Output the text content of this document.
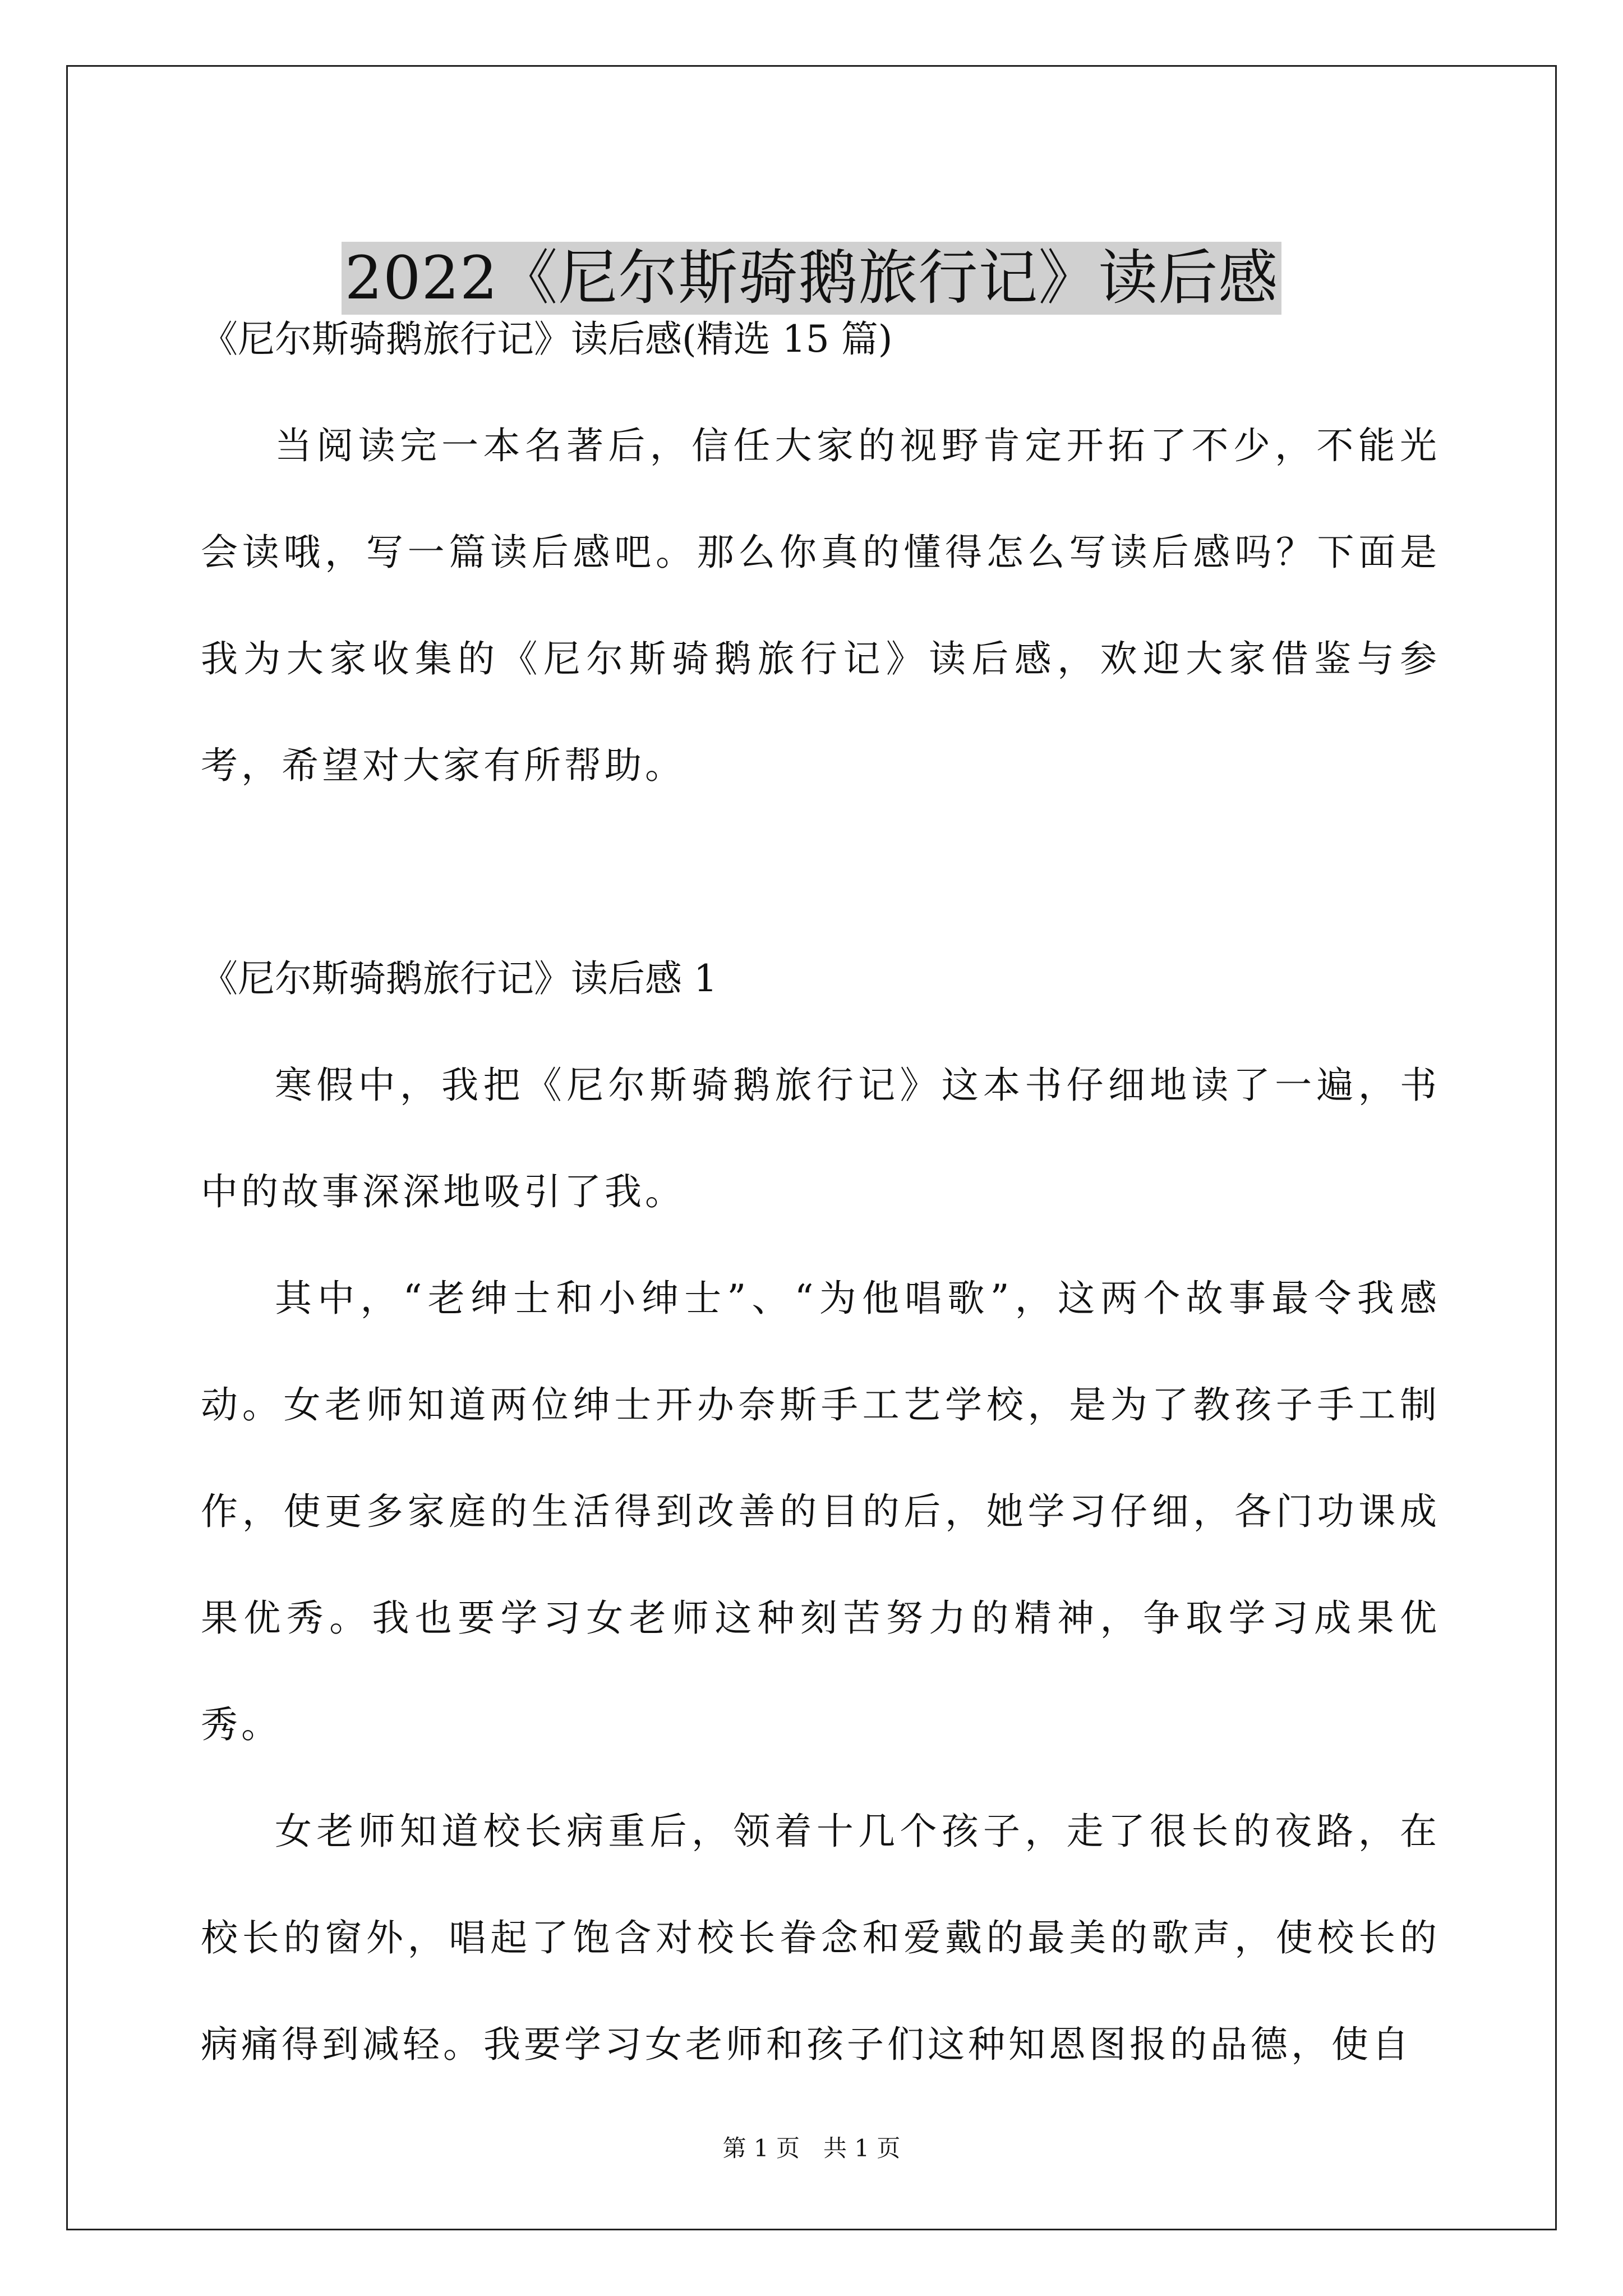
2022《尼尔斯骑鹅旅行记》读后感

《尼尔斯骑鹅旅行记》读后感(精选 15 篇)

当阅读完一本名著后，信任大家的视野肯定开拓了不少，不能光会读哦，写一篇读后感吧。那么你真的懂得怎么写读后感吗？下面是我为大家收集的《尼尔斯骑鹅旅行记》读后感，欢迎大家借鉴与参考，希望对大家有所帮助。

《尼尔斯骑鹅旅行记》读后感 1

寒假中，我把《尼尔斯骑鹅旅行记》这本书仔细地读了一遍，书中的故事深深地吸引了我。

其中，“老绅士和小绅士”、“为他唱歌”，这两个故事最令我感动。女老师知道两位绅士开办奈斯手工艺学校，是为了教孩子手工制作，使更多家庭的生活得到改善的目的后，她学习仔细，各门功课成果优秀。我也要学习女老师这种刻苦努力的精神，争取学习成果优秀。

女老师知道校长病重后，领着十几个孩子，走了很长的夜路，在校长的窗外，唱起了饱含对校长眷念和爱戴的最美的歌声，使校长的病痛得到减轻。我要学习女老师和孩子们这种知恩图报的品德，使自

第 1 页　共 1 页
